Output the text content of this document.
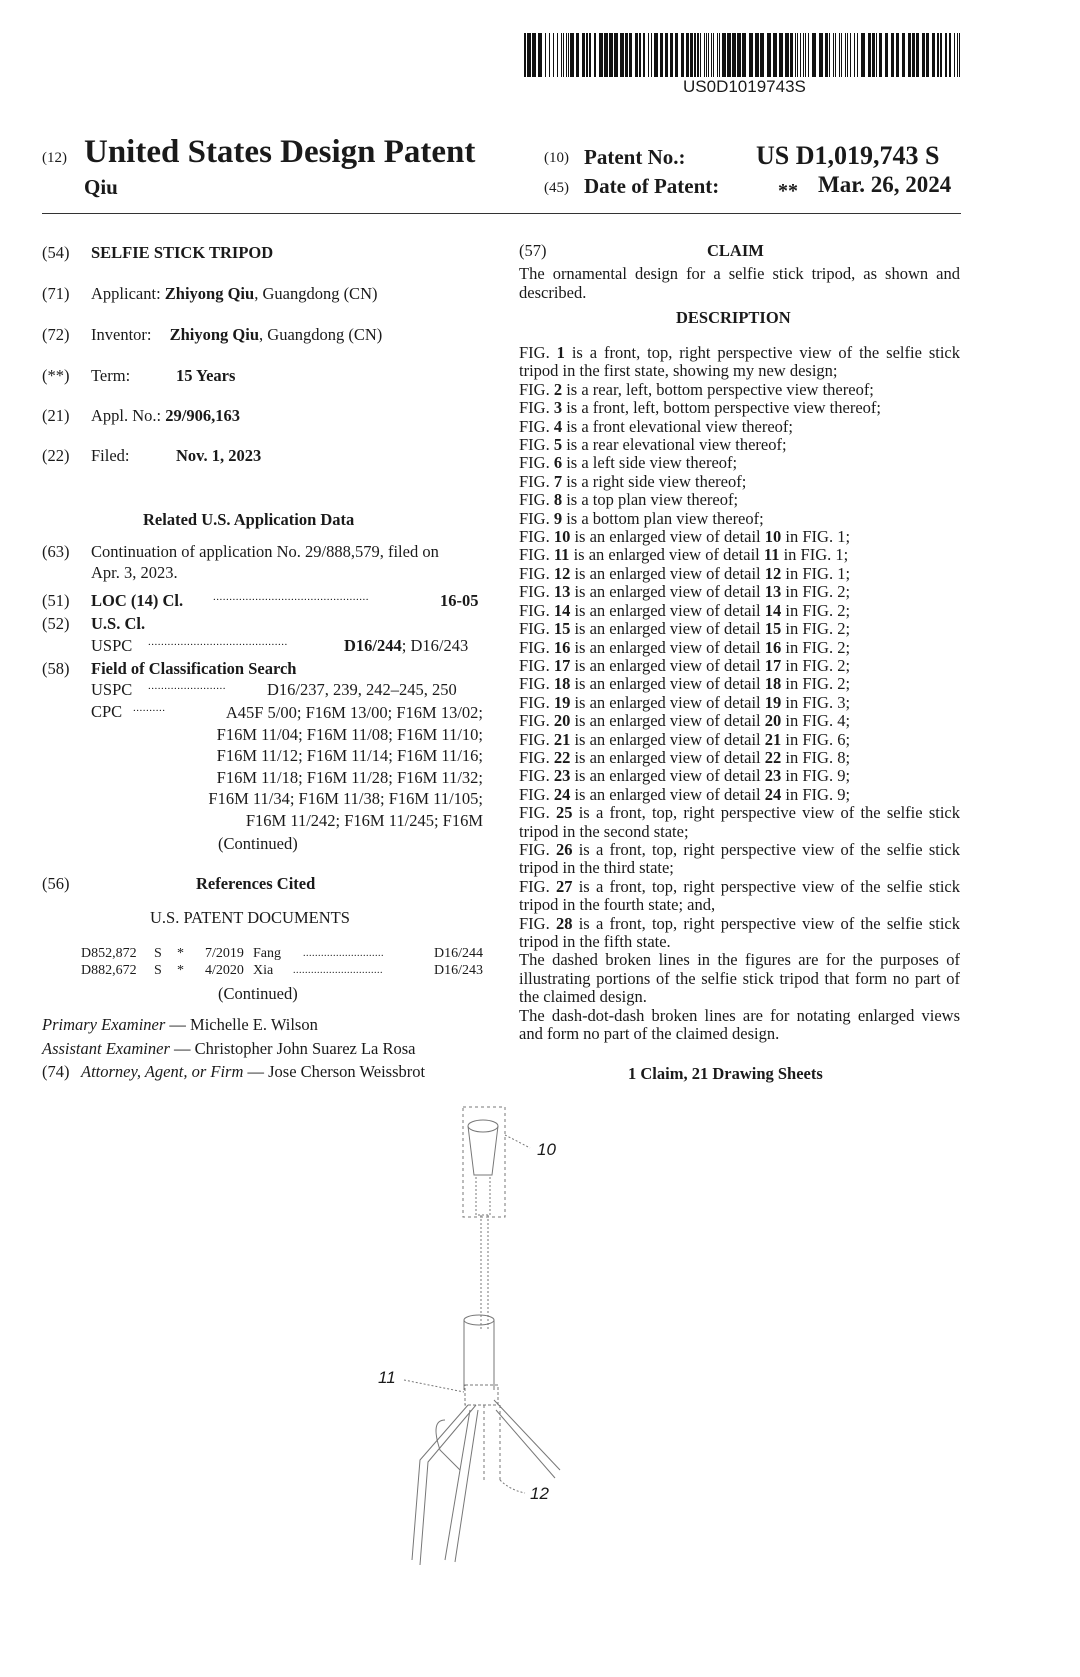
US0D1019743S
(12) United States Design Patent
Qiu
(10) Patent No.:	US D1,019,743 S
(45) Date of Patent:	** Mar. 26, 2024
(54) SELFIE STICK TRIPOD
(71) Applicant: Zhiyong Qiu, Guangdong (CN)
(72) Inventor: Zhiyong Qiu, Guangdong (CN)
(**) Term:	15 Years
(21) Appl. No.: 29/906,163
(22) Filed:	Nov. 1, 2023
Related U.S. Application Data
(63) Continuation of application No. 29/888,579, filed on
Apr. 3, 2023.
(51) LOC (14) Cl.	................................................	16-05
(52) U.S. Cl.
USPC ...........................................	D16/244; D16/243
(58) Field of Classification Search
USPC ........................ D16/237, 239, 242–245, 250
CPC ..........	A45F 5/00; F16M 13/00; F16M 13/02;
F16M 11/04; F16M 11/08; F16M 11/10;
F16M 11/12; F16M 11/14; F16M 11/16;
F16M 11/18; F16M 11/28; F16M 11/32;
F16M 11/34; F16M 11/38; F16M 11/105;
F16M 11/242; F16M 11/245; F16M
(Continued)
(56)	References Cited
U.S. PATENT DOCUMENTS
D852,872 S * 7/2019 Fang ...........................	D16/244
D882,672 S * 4/2020 Xia ..............................	D16/243
(Continued)
Primary Examiner — Michelle E. Wilson
Assistant Examiner — Christopher John Suarez La Rosa
(74) Attorney, Agent, or Firm — Jose Cherson Weissbrot
(57)	CLAIM
The ornamental design for a selfie stick tripod, as shown and
described.
DESCRIPTION
FIG. 1 is a front, top, right perspective view of the selfie stick tripod in the first state, showing my new design;
FIG. 2 is a rear, left, bottom perspective view thereof;
FIG. 3 is a front, left, bottom perspective view thereof;
FIG. 4 is a front elevational view thereof;
FIG. 5 is a rear elevational view thereof;
FIG. 6 is a left side view thereof;
FIG. 7 is a right side view thereof;
FIG. 8 is a top plan view thereof;
FIG. 9 is a bottom plan view thereof;
FIG. 10 is an enlarged view of detail 10 in FIG. 1;
FIG. 11 is an enlarged view of detail 11 in FIG. 1;
FIG. 12 is an enlarged view of detail 12 in FIG. 1;
FIG. 13 is an enlarged view of detail 13 in FIG. 2;
FIG. 14 is an enlarged view of detail 14 in FIG. 2;
FIG. 15 is an enlarged view of detail 15 in FIG. 2;
FIG. 16 is an enlarged view of detail 16 in FIG. 2;
FIG. 17 is an enlarged view of detail 17 in FIG. 2;
FIG. 18 is an enlarged view of detail 18 in FIG. 2;
FIG. 19 is an enlarged view of detail 19 in FIG. 3;
FIG. 20 is an enlarged view of detail 20 in FIG. 4;
FIG. 21 is an enlarged view of detail 21 in FIG. 6;
FIG. 22 is an enlarged view of detail 22 in FIG. 8;
FIG. 23 is an enlarged view of detail 23 in FIG. 9;
FIG. 24 is an enlarged view of detail 24 in FIG. 9;
FIG. 25 is a front, top, right perspective view of the selfie stick tripod in the second state;
FIG. 26 is a front, top, right perspective view of the selfie stick tripod in the third state;
FIG. 27 is a front, top, right perspective view of the selfie stick tripod in the fourth state; and,
FIG. 28 is a front, top, right perspective view of the selfie stick tripod in the fifth state.
The dashed broken lines in the figures are for the purposes of illustrating portions of the selfie stick tripod that form no part of the claimed design.
The dash-dot-dash broken lines are for notating enlarged views and form no part of the claimed design.
1 Claim, 21 Drawing Sheets
10
11
12
